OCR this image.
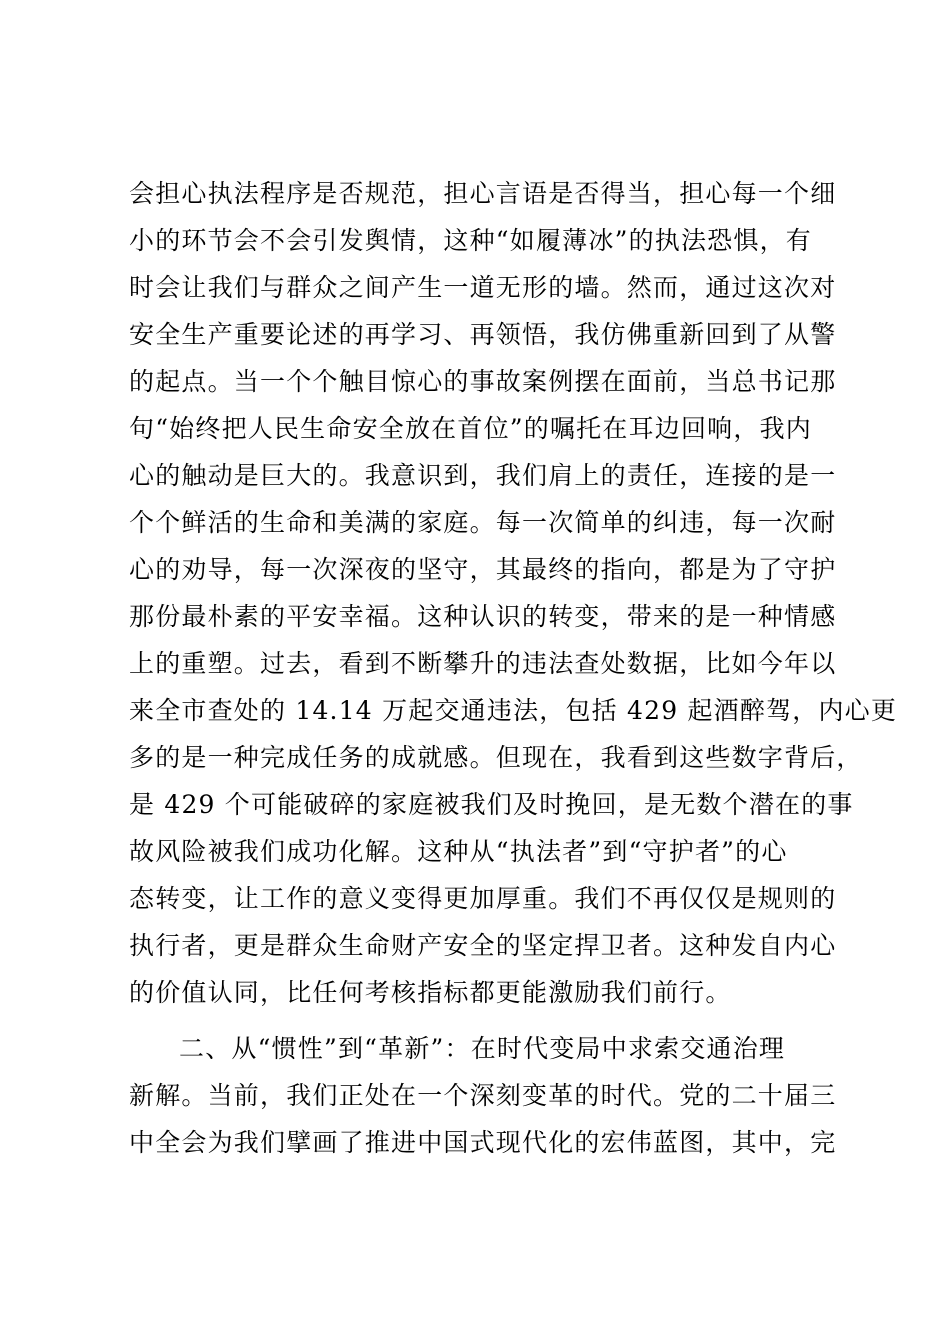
会担心执法程序是否规范，担心言语是否得当，担心每一个细
小的环节会不会引发舆情，这种“如履薄冰”的执法恐惧，有
时会让我们与群众之间产生一道无形的墙。然而，通过这次对
安全生产重要论述的再学习、再领悟，我仿佛重新回到了从警
的起点。当一个个触目惊心的事故案例摆在面前，当总书记那
句“始终把人民生命安全放在首位”的嘱托在耳边回响，我内
心的触动是巨大的。我意识到，我们肩上的责任，连接的是一
个个鲜活的生命和美满的家庭。每一次简单的纠违，每一次耐
心的劝导，每一次深夜的坚守，其最终的指向，都是为了守护
那份最朴素的平安幸福。这种认识的转变，带来的是一种情感
上的重塑。过去，看到不断攀升的违法查处数据，比如今年以
来全市查处的 14.14 万起交通违法，包括 429 起酒醉驾，内心更
多的是一种完成任务的成就感。但现在，我看到这些数字背后，
是 429 个可能破碎的家庭被我们及时挽回，是无数个潜在的事
故风险被我们成功化解。这种从“执法者”到“守护者”的心
态转变，让工作的意义变得更加厚重。我们不再仅仅是规则的
执行者，更是群众生命财产安全的坚定捍卫者。这种发自内心
的价值认同，比任何考核指标都更能激励我们前行。
二、从“惯性”到“革新”：在时代变局中求索交通治理
新解。当前，我们正处在一个深刻变革的时代。党的二十届三
中全会为我们擘画了推进中国式现代化的宏伟蓝图，其中，完
